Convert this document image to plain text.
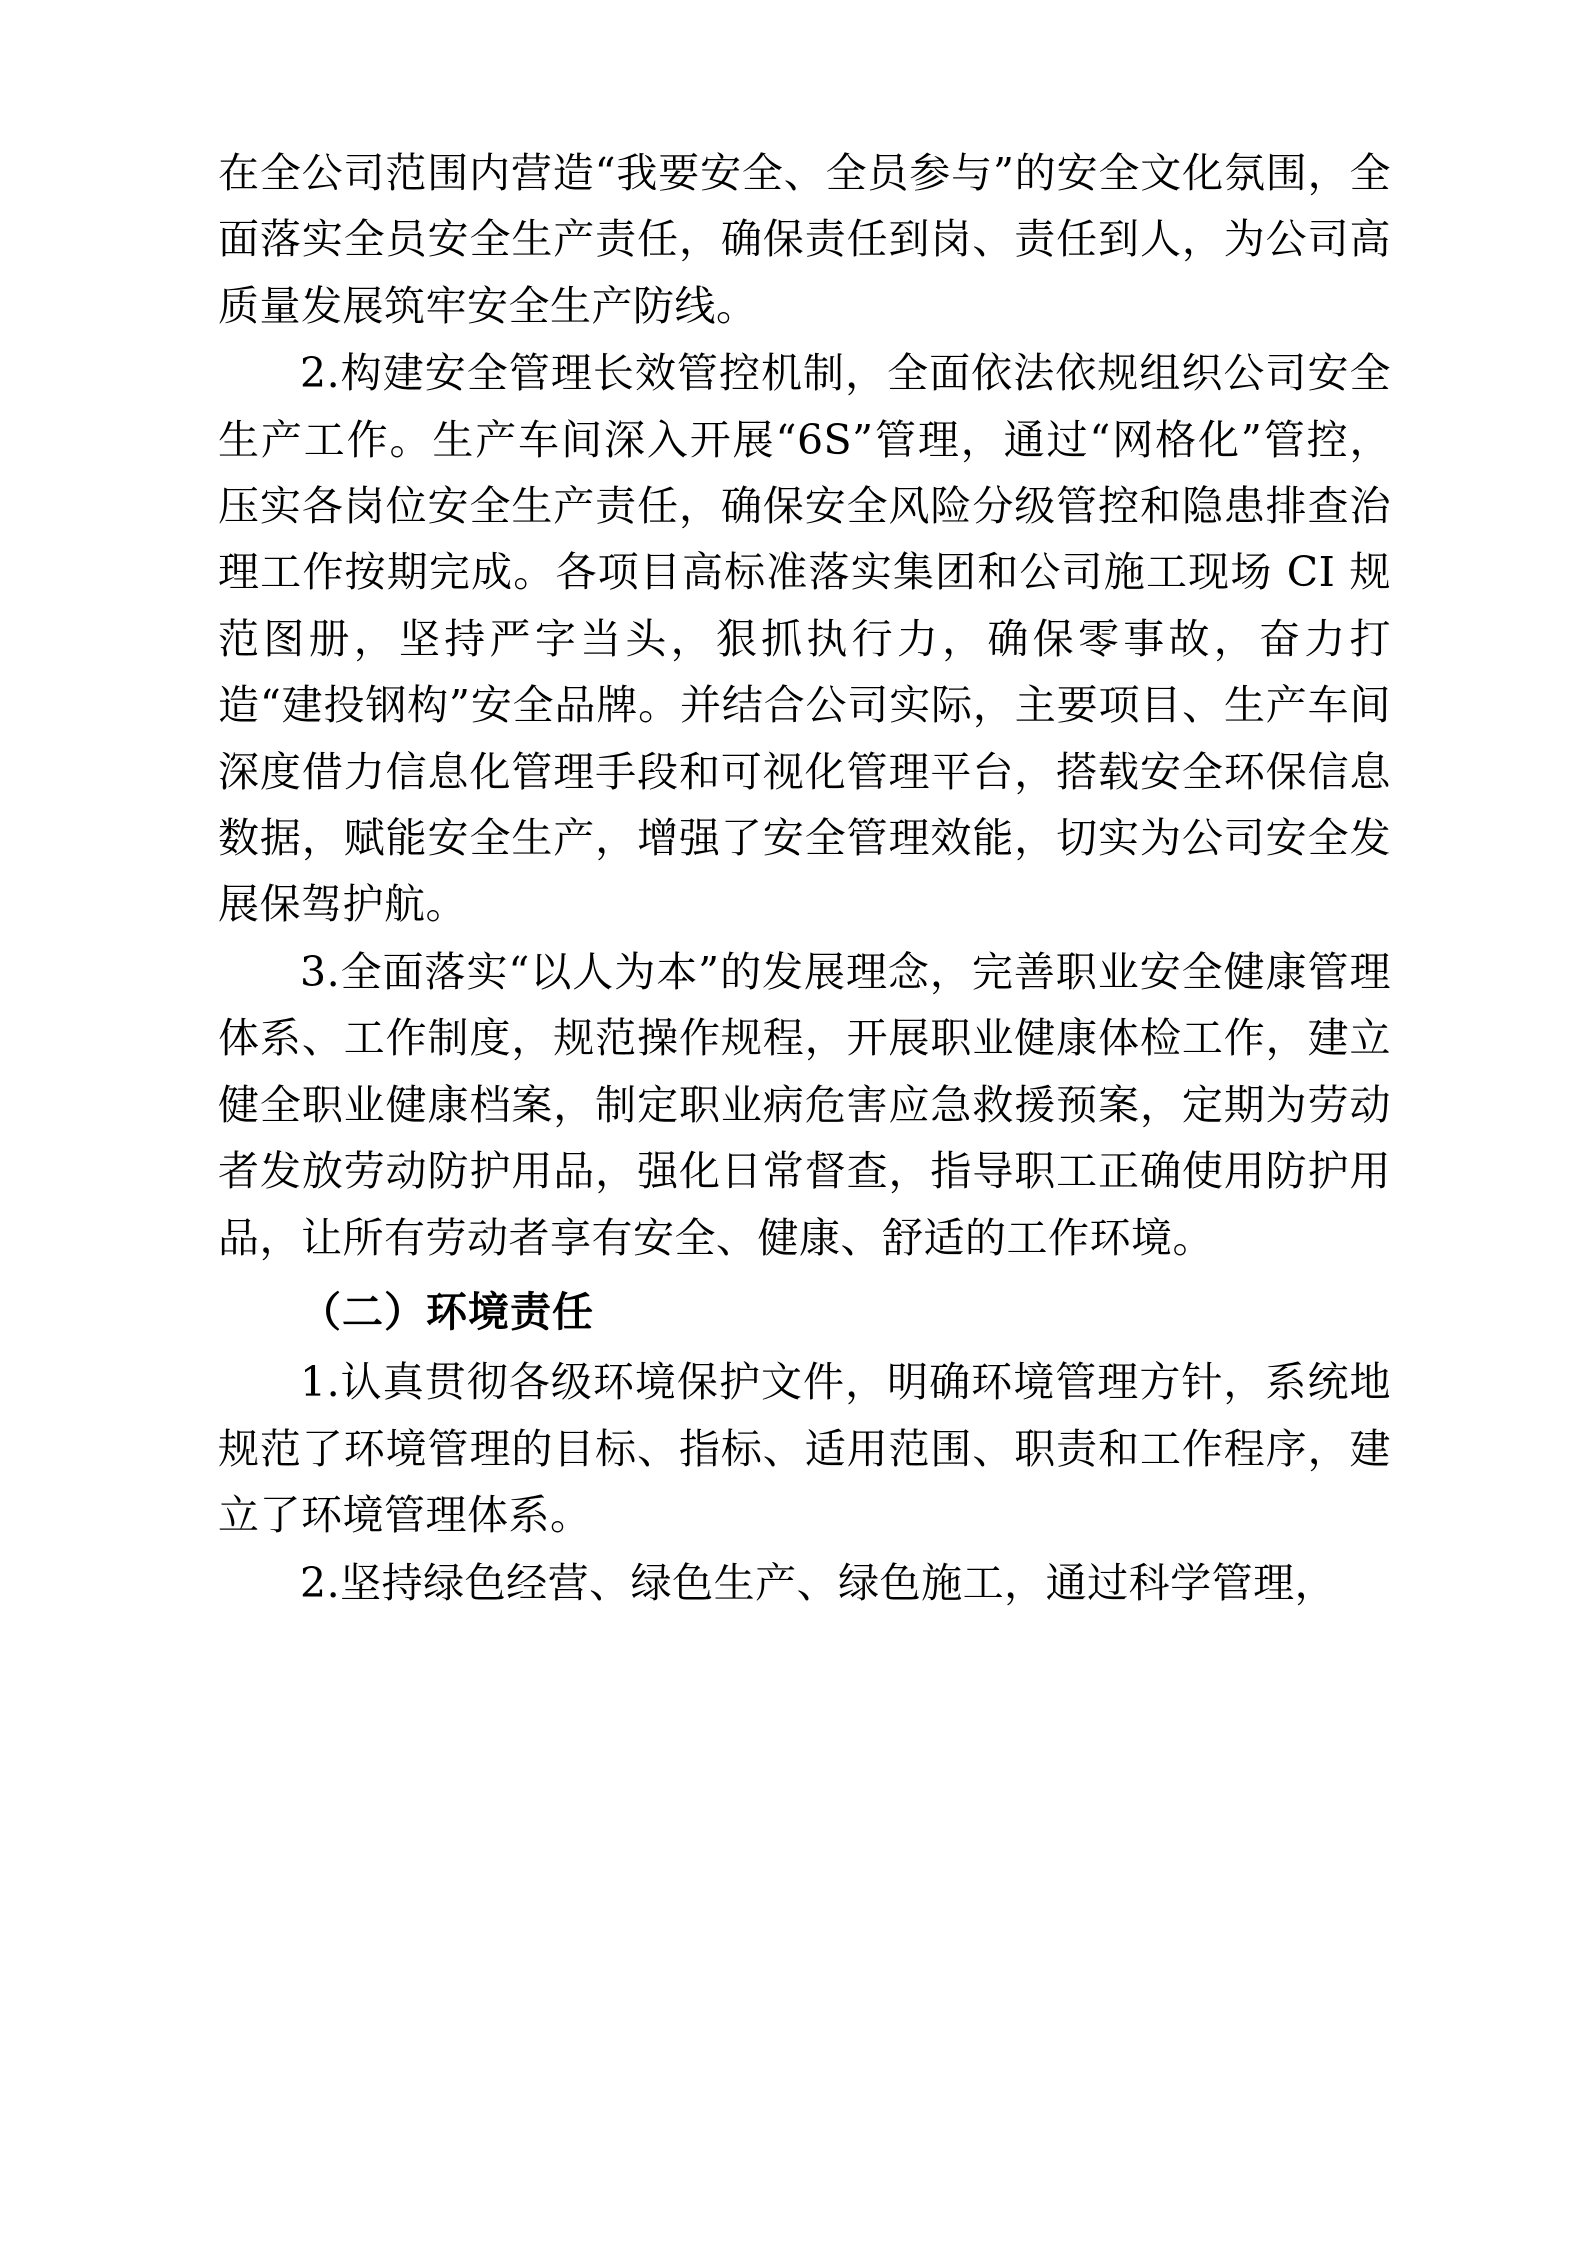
在全公司范围内营造“我要安全、全员参与”的安全文化氛围，全面落实全员安全生产责任，确保责任到岗、责任到人，为公司高质量发展筑牢安全生产防线。

2.构建安全管理长效管控机制，全面依法依规组织公司安全生产工作。生产车间深入开展“6S”管理，通过“网格化”管控，压实各岗位安全生产责任，确保安全风险分级管控和隐患排查治理工作按期完成。各项目高标准落实集团和公司施工现场 CI 规范图册，坚持严字当头，狠抓执行力，确保零事故，奋力打造“建投钢构”安全品牌。并结合公司实际，主要项目、生产车间深度借力信息化管理手段和可视化管理平台，搭载安全环保信息数据，赋能安全生产，增强了安全管理效能，切实为公司安全发展保驾护航。

3.全面落实“以人为本”的发展理念，完善职业安全健康管理体系、工作制度，规范操作规程，开展职业健康体检工作，建立健全职业健康档案，制定职业病危害应急救援预案，定期为劳动者发放劳动防护用品，强化日常督查，指导职工正确使用防护用品，让所有劳动者享有安全、健康、舒适的工作环境。

（二）环境责任

1.认真贯彻各级环境保护文件，明确环境管理方针，系统地规范了环境管理的目标、指标、适用范围、职责和工作程序，建立了环境管理体系。

2.坚持绿色经营、绿色生产、绿色施工，通过科学管理，
